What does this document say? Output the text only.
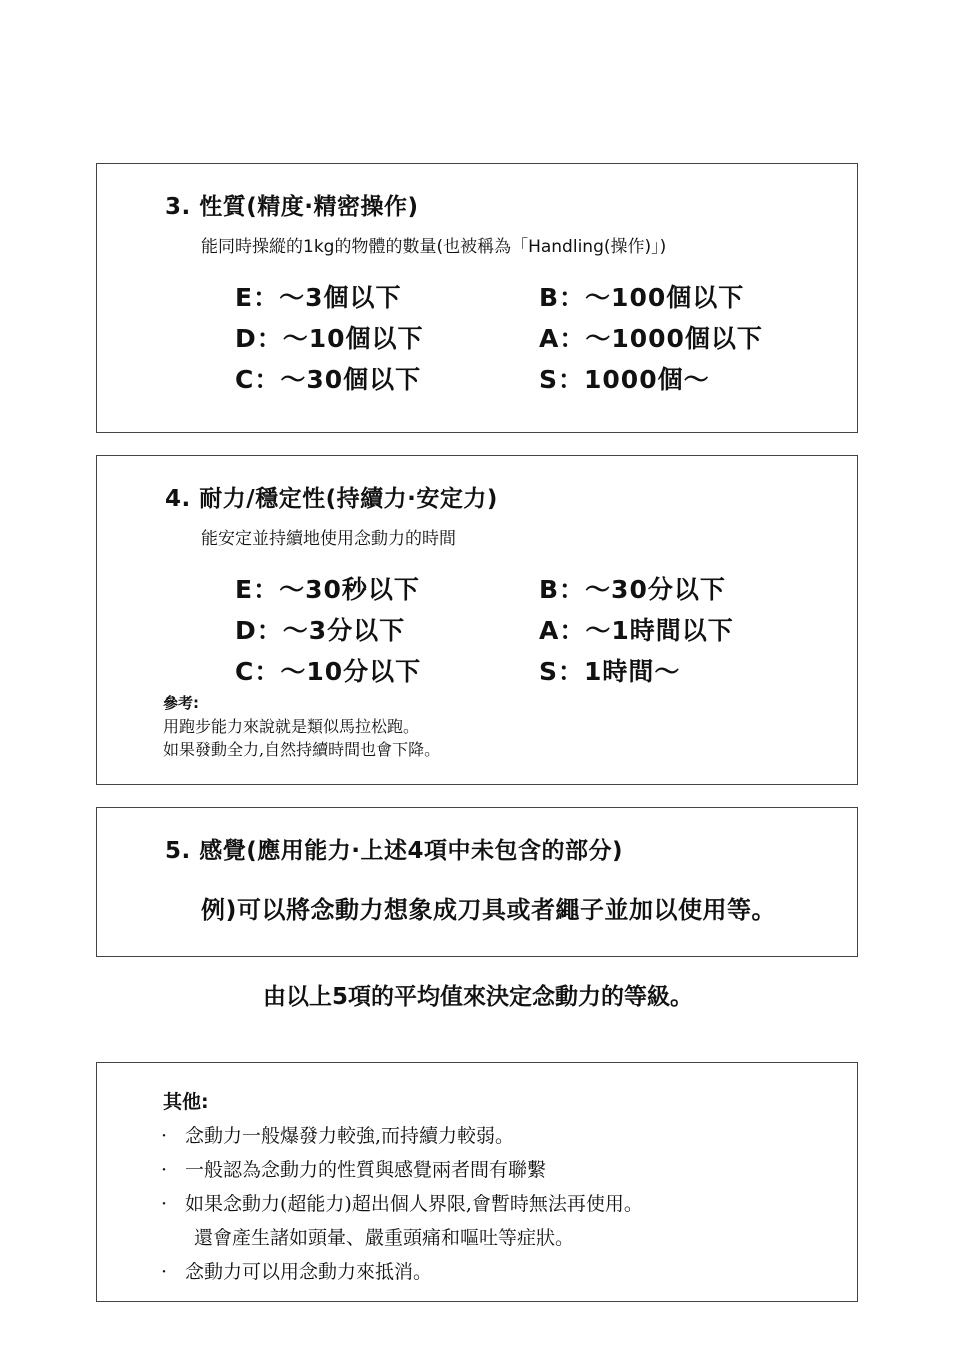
3. 性質(精度·精密操作)
能同時操縱的1kg的物體的數量(也被稱為「Handling(操作)」)
E：～3個以下
D：～10個以下
C：～30個以下
B：～100個以下
A：～1000個以下
S：1000個～
4. 耐力/穩定性(持續力·安定力)
能安定並持續地使用念動力的時間
E：～30秒以下
D：～3分以下
C：～10分以下
B：～30分以下
A：～1時間以下
S：1時間～
參考:
用跑步能力來說就是類似馬拉松跑。
如果發動全力,自然持續時間也會下降。
5. 感覺(應用能力·上述4項中未包含的部分)
例)可以將念動力想象成刀具或者繩子並加以使用等。
由以上5項的平均值來決定念動力的等級。
其他:
· 念動力一般爆發力較強,而持續力較弱。
· 一般認為念動力的性質與感覺兩者間有聯繫
· 如果念動力(超能力)超出個人界限,會暫時無法再使用。
還會產生諸如頭暈、嚴重頭痛和嘔吐等症狀。
· 念動力可以用念動力來抵消。
